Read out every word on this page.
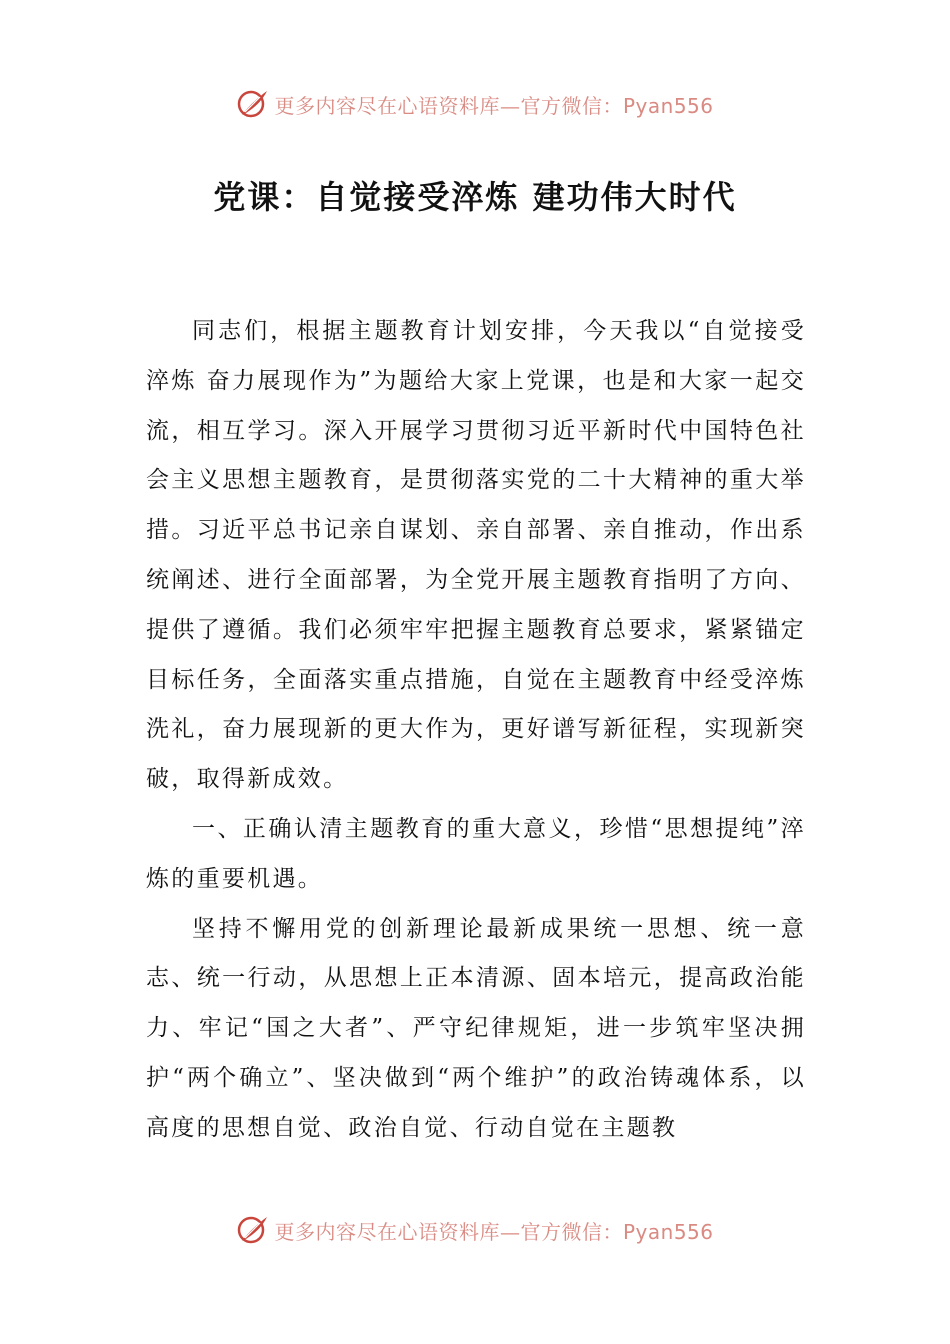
更多内容尽在心语资料库—官方微信：Pyan556
党课：自觉接受淬炼 建功伟大时代

同志们，根据主题教育计划安排，今天我以“自觉接受淬炼 奋力展现作为”为题给大家上党课，也是和大家一起交流，相互学习。深入开展学习贯彻习近平新时代中国特色社会主义思想主题教育，是贯彻落实党的二十大精神的重大举措。习近平总书记亲自谋划、亲自部署、亲自推动，作出系统阐述、进行全面部署，为全党开展主题教育指明了方向、提供了遵循。我们必须牢牢把握主题教育总要求，紧紧锚定目标任务，全面落实重点措施，自觉在主题教育中经受淬炼洗礼，奋力展现新的更大作为，更好谱写新征程，实现新突破，取得新成效。

一、正确认清主题教育的重大意义，珍惜“思想提纯”淬炼的重要机遇。

坚持不懈用党的创新理论最新成果统一思想、统一意志、统一行动，从思想上正本清源、固本培元，提高政治能力、牢记“国之大者”、严守纪律规矩，进一步筑牢坚决拥护“两个确立”、坚决做到“两个维护”的政治铸魂体系，以高度的思想自觉、政治自觉、行动自觉在主题教

更多内容尽在心语资料库—官方微信：Pyan556
